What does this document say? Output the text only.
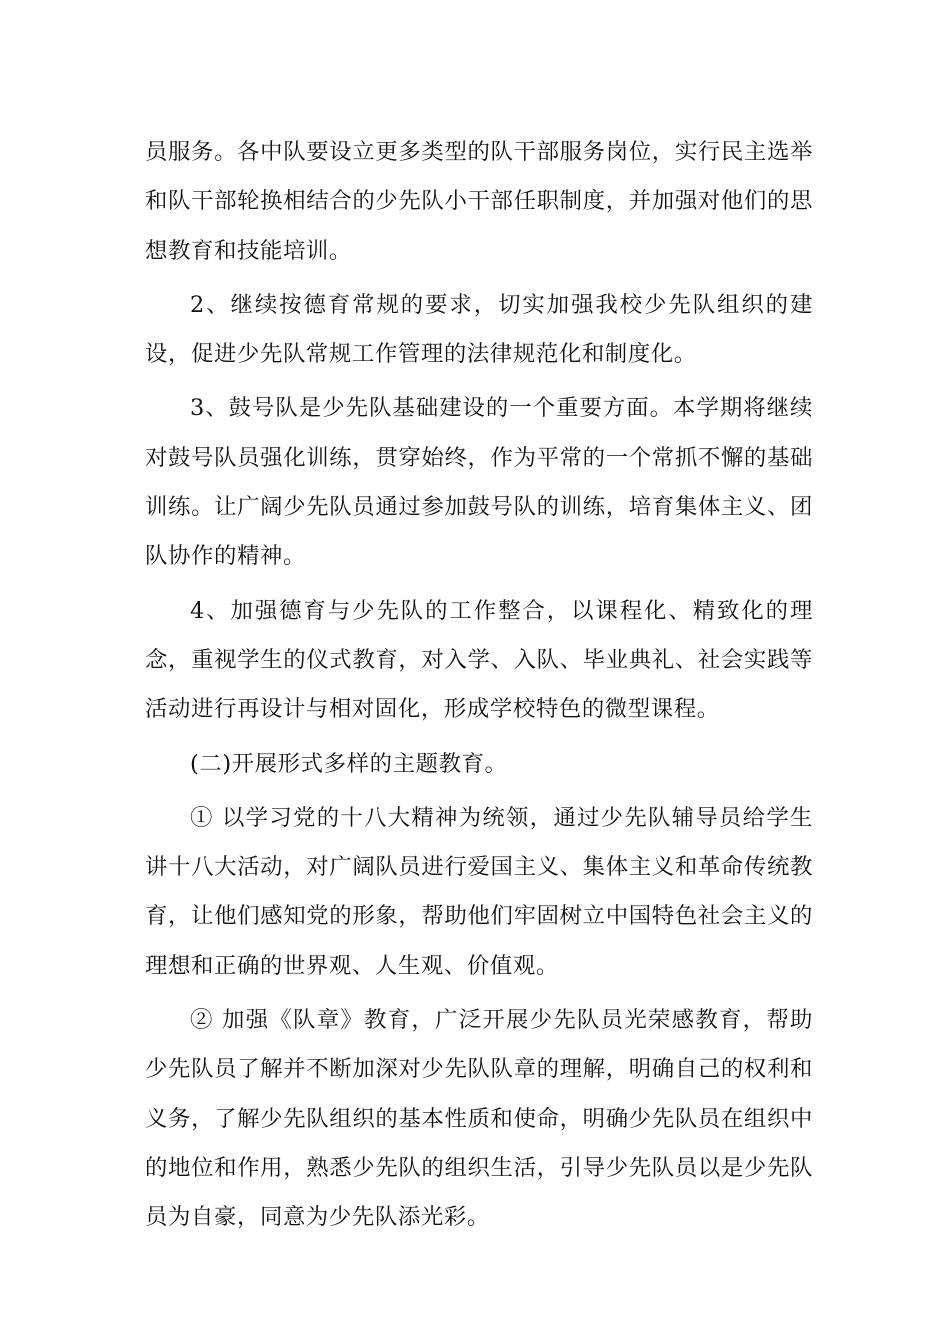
员服务。各中队要设立更多类型的队干部服务岗位，实行民主选举和队干部轮换相结合的少先队小干部任职制度，并加强对他们的思想教育和技能培训。

2、继续按德育常规的要求，切实加强我校少先队组织的建设，促进少先队常规工作管理的法律规范化和制度化。

3、鼓号队是少先队基础建设的一个重要方面。本学期将继续对鼓号队员强化训练，贯穿始终，作为平常的一个常抓不懈的基础训练。让广阔少先队员通过参加鼓号队的训练，培育集体主义、团队协作的精神。

4、加强德育与少先队的工作整合，以课程化、精致化的理念，重视学生的仪式教育，对入学、入队、毕业典礼、社会实践等活动进行再设计与相对固化，形成学校特色的微型课程。

(二)开展形式多样的主题教育。

① 以学习党的十八大精神为统领，通过少先队辅导员给学生讲十八大活动，对广阔队员进行爱国主义、集体主义和革命传统教育，让他们感知党的形象，帮助他们牢固树立中国特色社会主义的理想和正确的世界观、人生观、价值观。

② 加强《队章》教育，广泛开展少先队员光荣感教育，帮助少先队员了解并不断加深对少先队队章的理解，明确自己的权利和义务，了解少先队组织的基本性质和使命，明确少先队员在组织中的地位和作用，熟悉少先队的组织生活，引导少先队员以是少先队员为自豪，同意为少先队添光彩。
